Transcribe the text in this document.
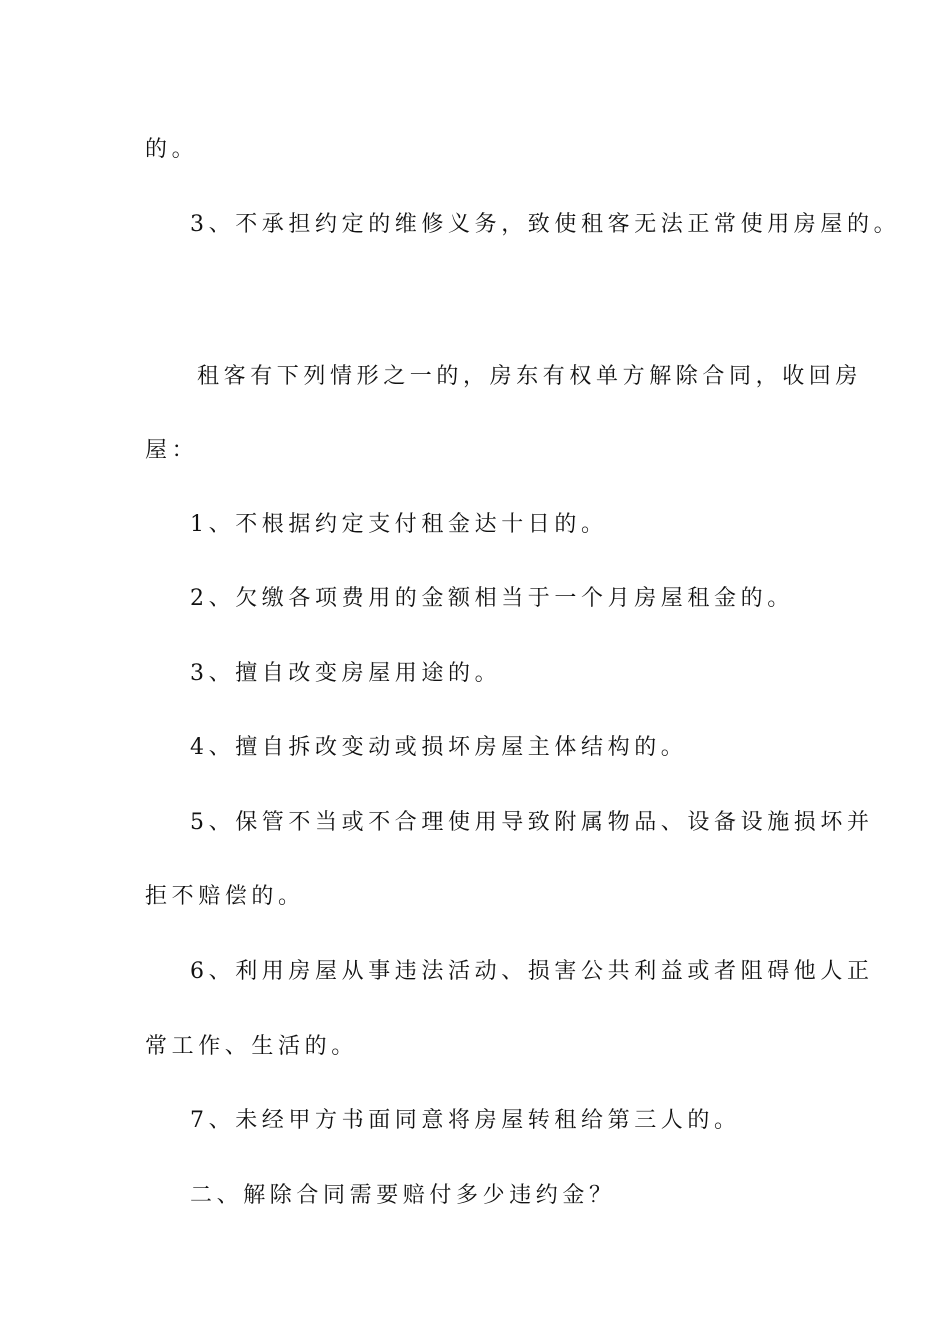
的。

3、不承担约定的维修义务，致使租客无法正常使用房屋的。

租客有下列情形之一的，房东有权单方解除合同，收回房

屋：

1、不根据约定支付租金达十日的。

2、欠缴各项费用的金额相当于一个月房屋租金的。

3、擅自改变房屋用途的。

4、擅自拆改变动或损坏房屋主体结构的。

5、保管不当或不合理使用导致附属物品、设备设施损坏并

拒不赔偿的。

6、利用房屋从事违法活动、损害公共利益或者阻碍他人正

常工作、生活的。

7、未经甲方书面同意将房屋转租给第三人的。

二、解除合同需要赔付多少违约金？
